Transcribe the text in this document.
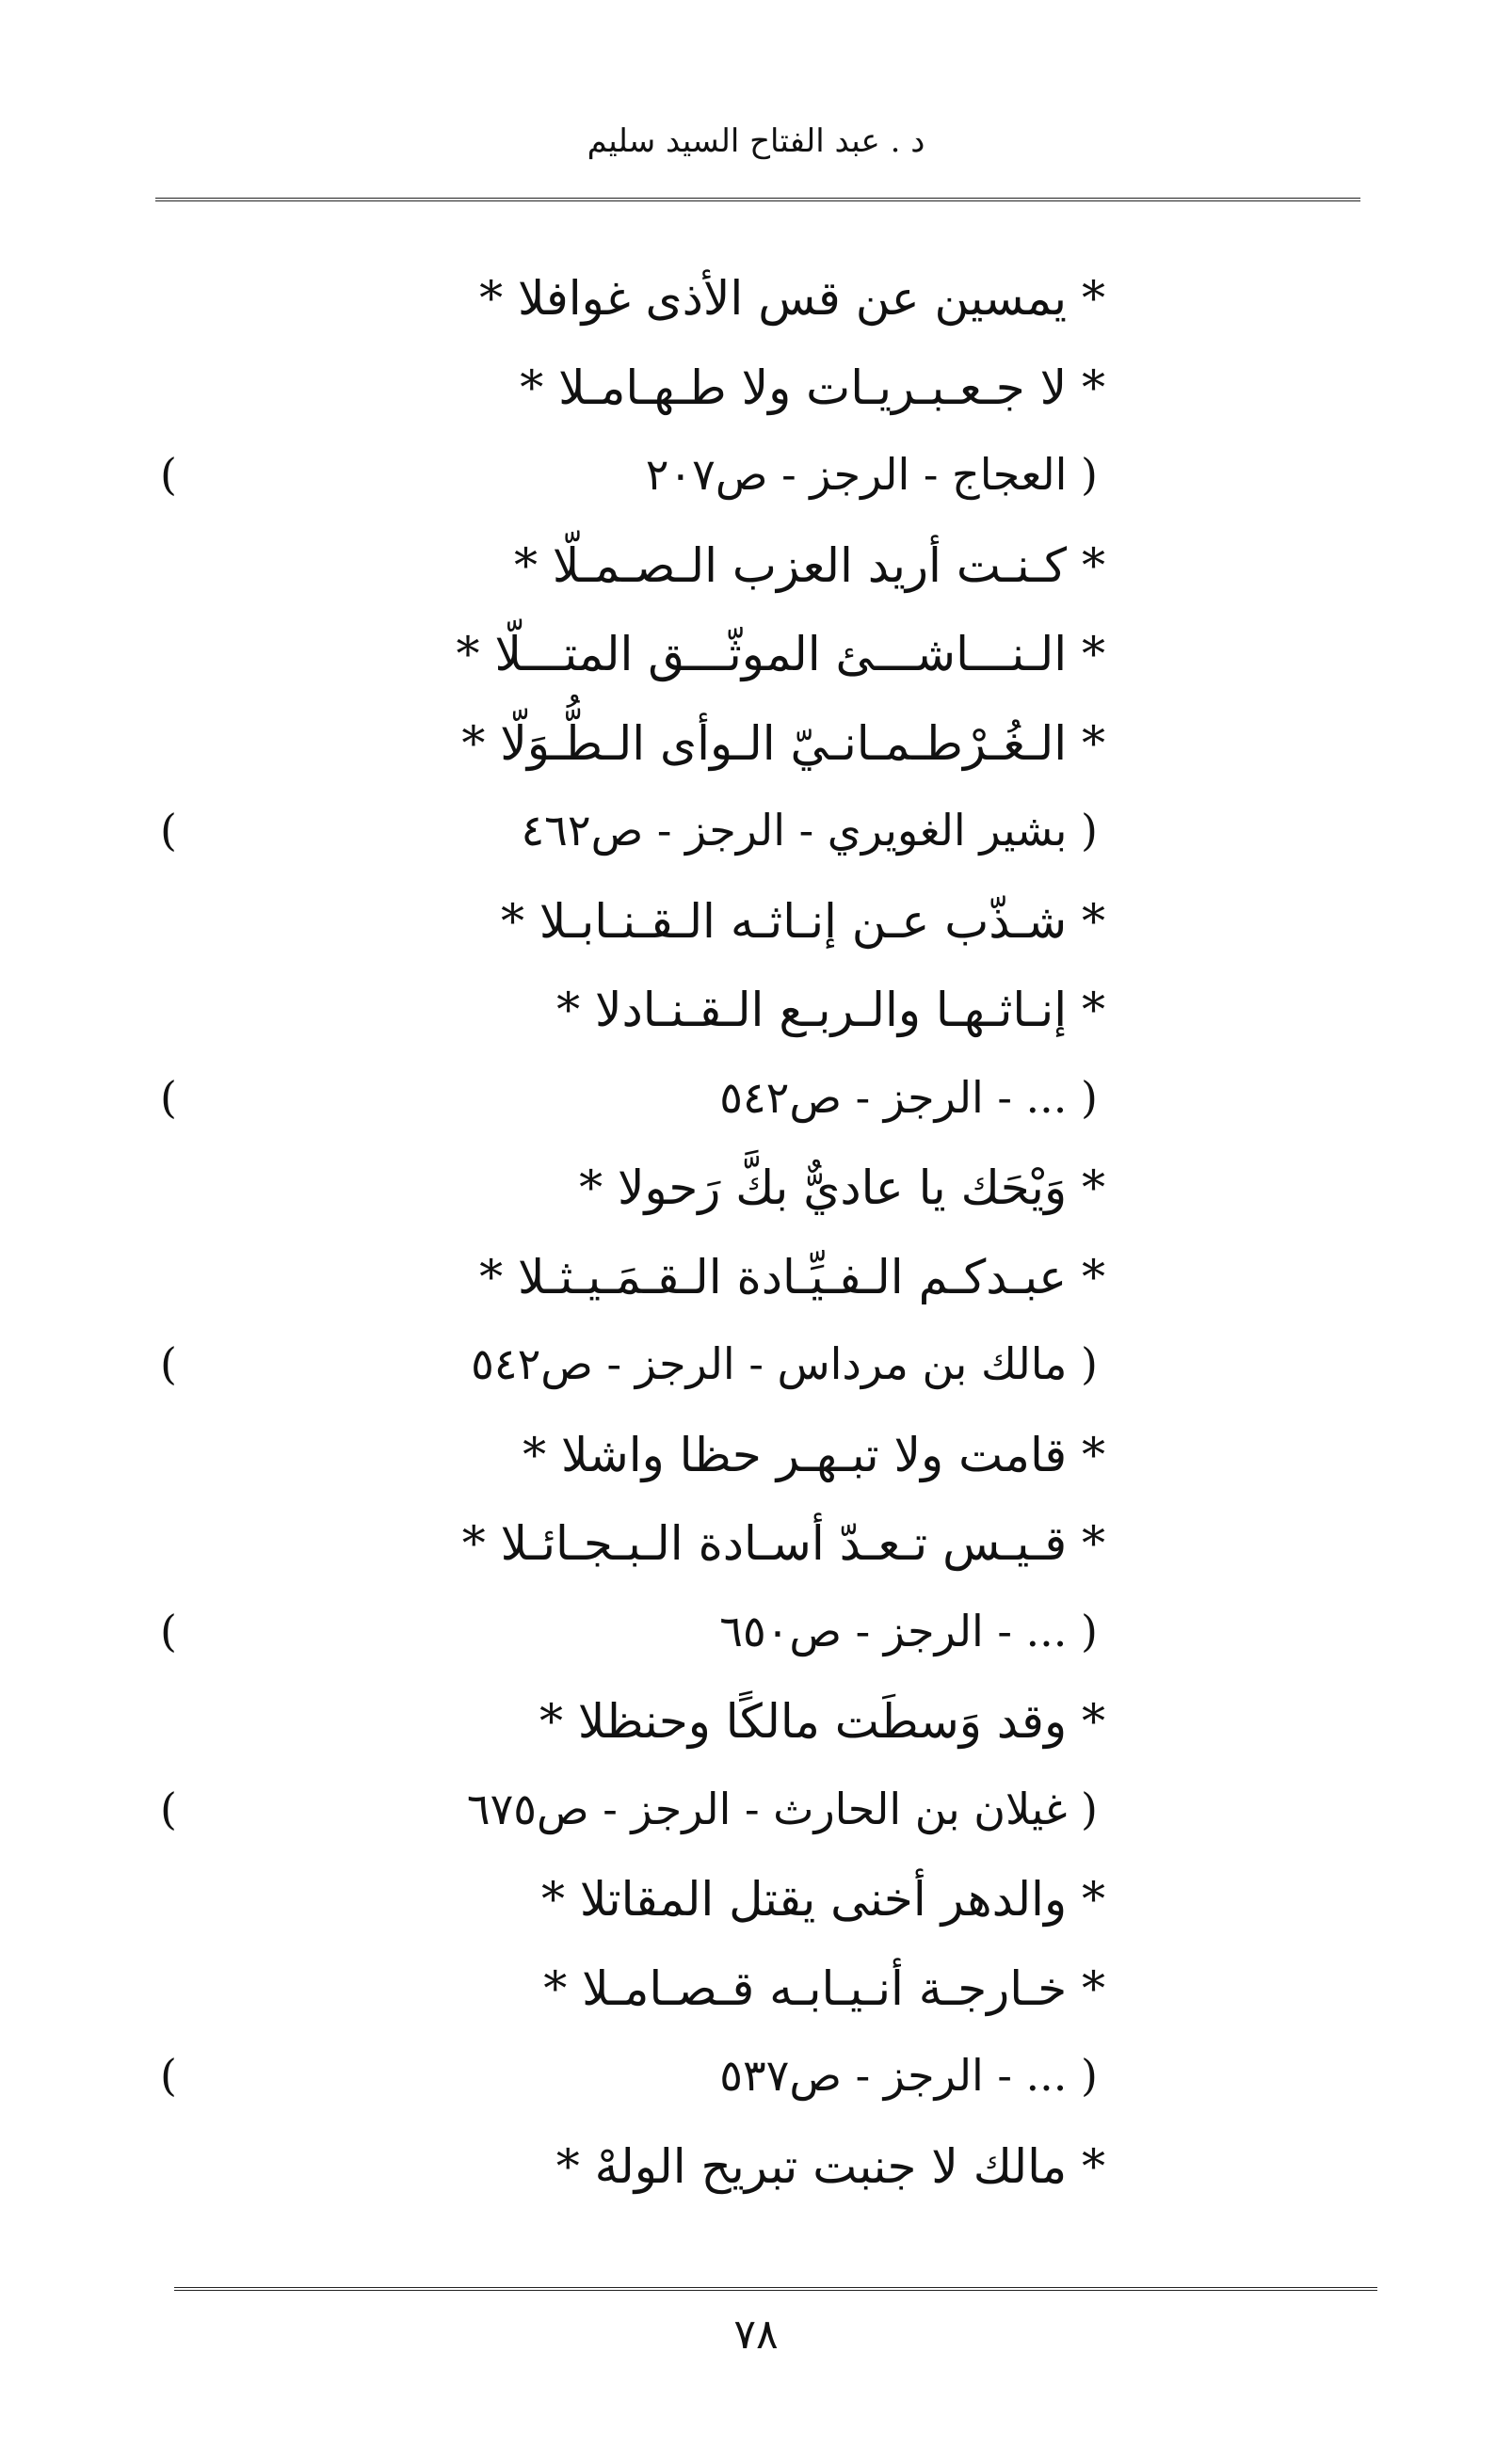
د . عبد الفتاح السيد سليم
* يمسين عن قس الأذى غوافلا *
* لا جـعـبـريـات ولا طـهـامـلا *
( العجاج - الرجز - ص٢٠٧
)
* كـنـت أريد العزب الـصـمـلّا *
* الـنـــاشـــئ الموثّـــق المتـــلّا *
* الـغُـرْطـمـانـيّ الـوأى الـطُّـوَلّا *
( بشير الغويري - الرجز - ص٤٦٢
)
* شـذّب عـن إنـاثـه الـقـنـابـلا *
* إنـاثـهـا والـربـع الـقـنـادلا *
( ... - الرجز - ص٥٤٢
)
* وَيْحَك يا عاديٌّ بكَّ رَحولا *
* عبـدكـم الـفـيِّـادة الـقـمَـيـثـلا *
( مالك بن مرداس - الرجز - ص٥٤٢
)
* قامت ولا تبـهـر حظا واشلا *
* قـيـس تـعـدّ أسـادة الـبـجـائـلا *
( ... - الرجز - ص٦٥٠
)
* وقد وَسطَت مالكًا وحنظلا *
( غيلان بن الحارث - الرجز - ص٦٧٥
)
* والدهر أخنى يقتل المقاتلا *
* خـارجـة أنـيـابـه قـصـامـلا *
( ... - الرجز - ص٥٣٧
)
* مالك لا جنبت تبريح الولهْ *
٧٨
